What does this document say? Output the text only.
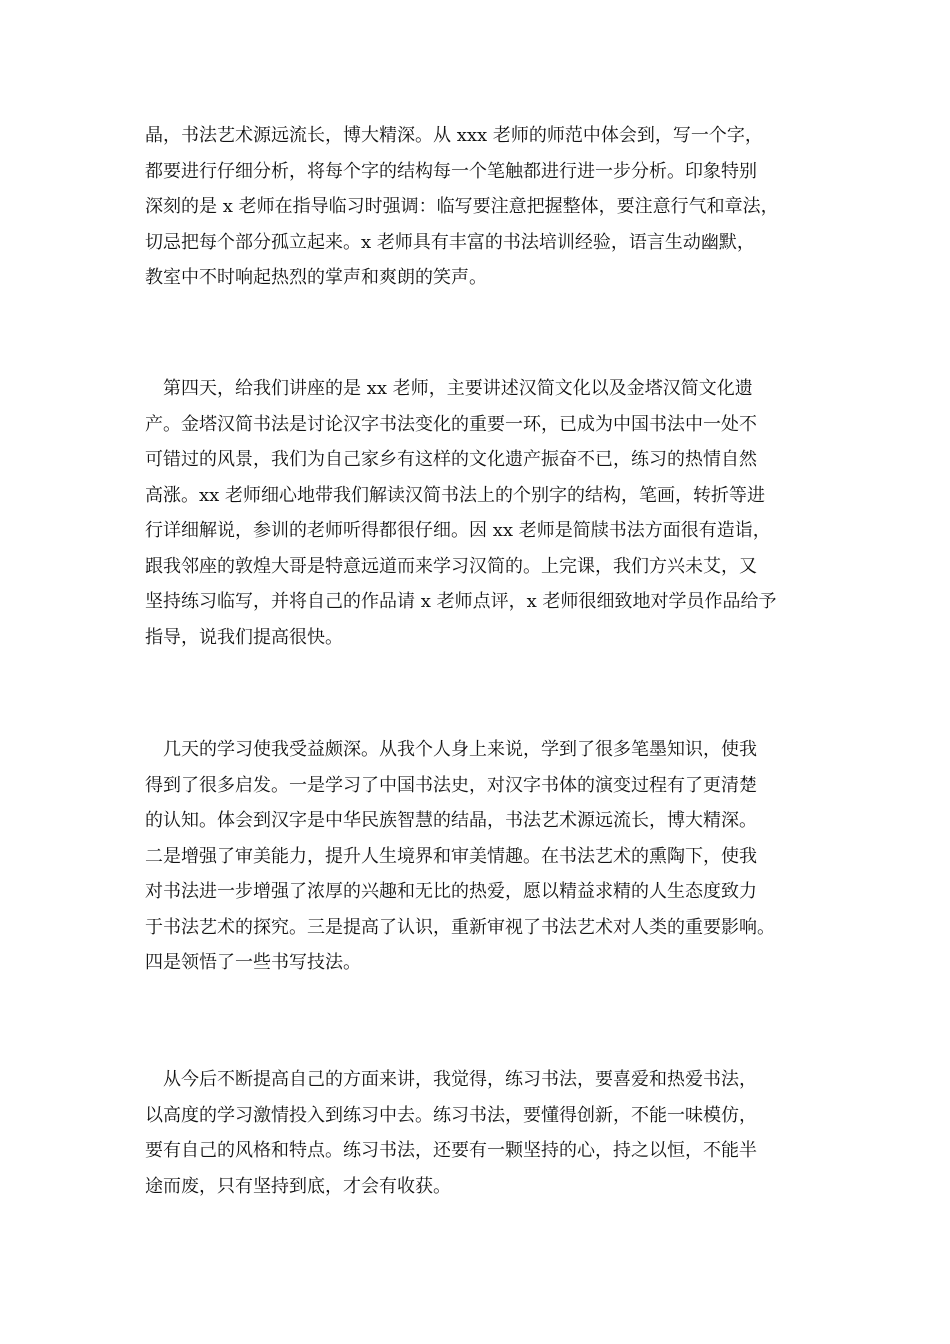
晶，书法艺术源远流长，博大精深。从 xxx 老师的师范中体会到，写一个字，
都要进行仔细分析，将每个字的结构每一个笔触都进行进一步分析。印象特别
深刻的是 x 老师在指导临习时强调：临写要注意把握整体，要注意行气和章法，
切忌把每个部分孤立起来。x 老师具有丰富的书法培训经验，语言生动幽默，
教室中不时响起热烈的掌声和爽朗的笑声。
　第四天，给我们讲座的是 xx 老师，主要讲述汉简文化以及金塔汉简文化遗
产。金塔汉简书法是讨论汉字书法变化的重要一环，已成为中国书法中一处不
可错过的风景，我们为自己家乡有这样的文化遗产振奋不已，练习的热情自然
高涨。xx 老师细心地带我们解读汉简书法上的个别字的结构，笔画，转折等进
行详细解说，参训的老师听得都很仔细。因 xx 老师是简牍书法方面很有造诣，
跟我邻座的敦煌大哥是特意远道而来学习汉简的。上完课，我们方兴未艾，又
坚持练习临写，并将自己的作品请 x 老师点评，x 老师很细致地对学员作品给予
指导，说我们提高很快。
　几天的学习使我受益颇深。从我个人身上来说，学到了很多笔墨知识，使我
得到了很多启发。一是学习了中国书法史，对汉字书体的演变过程有了更清楚
的认知。体会到汉字是中华民族智慧的结晶，书法艺术源远流长，博大精深。
二是增强了审美能力，提升人生境界和审美情趣。在书法艺术的熏陶下，使我
对书法进一步增强了浓厚的兴趣和无比的热爱，愿以精益求精的人生态度致力
于书法艺术的探究。三是提高了认识，重新审视了书法艺术对人类的重要影响。
四是领悟了一些书写技法。
　从今后不断提高自己的方面来讲，我觉得，练习书法，要喜爱和热爱书法，
以高度的学习激情投入到练习中去。练习书法，要懂得创新，不能一味模仿，
要有自己的风格和特点。练习书法，还要有一颗坚持的心，持之以恒，不能半
途而废，只有坚持到底，才会有收获。
